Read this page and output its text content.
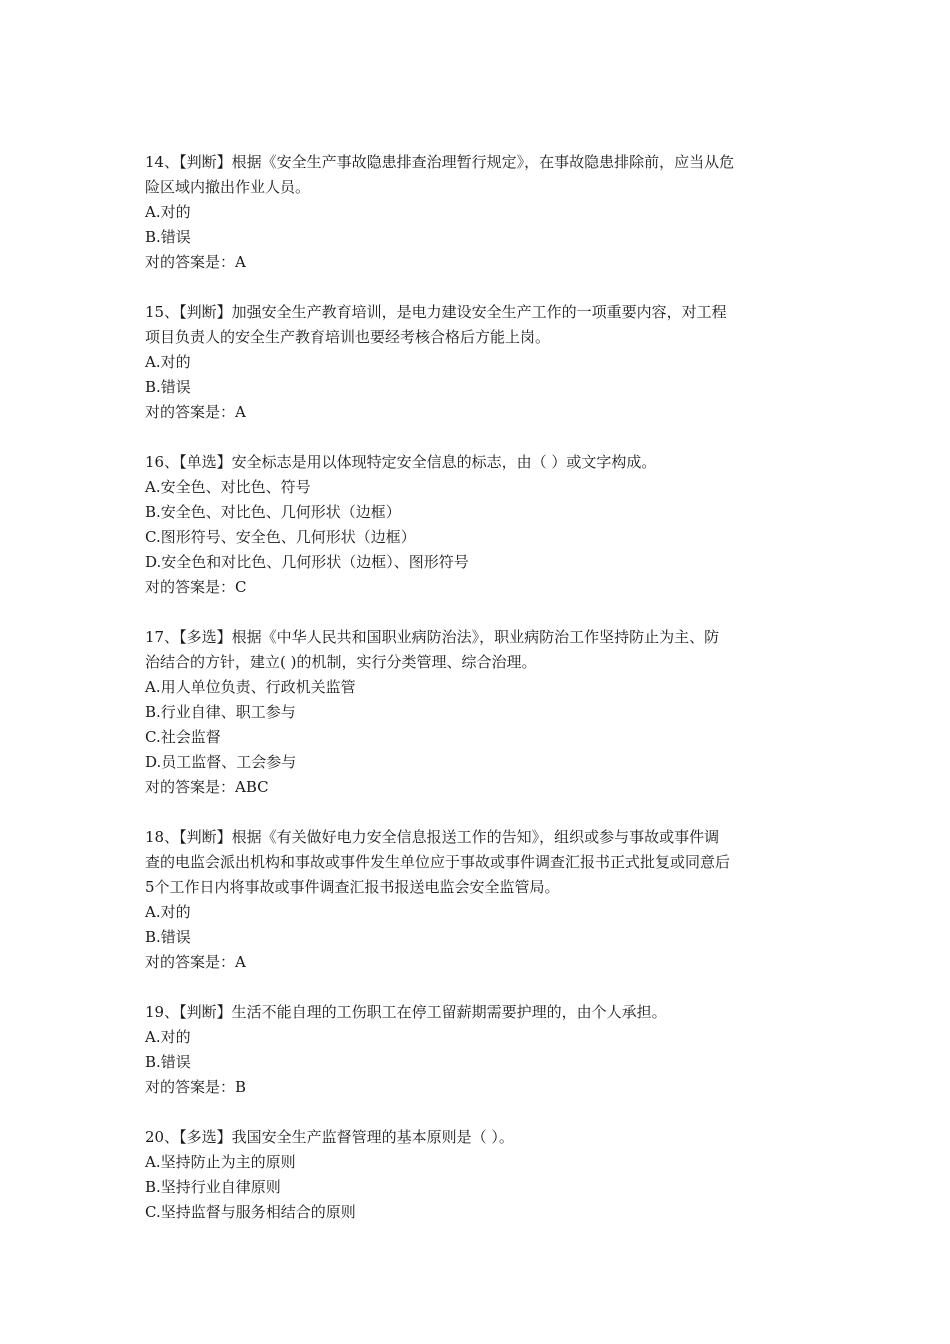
14、【判断】根据《安全生产事故隐患排查治理暂行规定》，在事故隐患排除前，应当从危
险区域内撤出作业人员。
A.对的
B.错误
对的答案是：A
15、【判断】加强安全生产教育培训，是电力建设安全生产工作的一项重要内容，对工程
项目负责人的安全生产教育培训也要经考核合格后方能上岗。
A.对的
B.错误
对的答案是：A
16、【单选】安全标志是用以体现特定安全信息的标志，由（ ）或文字构成。
A.安全色、对比色、符号
B.安全色、对比色、几何形状（边框）
C.图形符号、安全色、几何形状（边框）
D.安全色和对比色、几何形状（边框）、图形符号
对的答案是：C
17、【多选】根据《中华人民共和国职业病防治法》，职业病防治工作坚持防止为主、防
治结合的方针，建立( )的机制，实行分类管理、综合治理。
A.用人单位负责、行政机关监管
B.行业自律、职工参与
C.社会监督
D.员工监督、工会参与
对的答案是：ABC
18、【判断】根据《有关做好电力安全信息报送工作的告知》，组织或参与事故或事件调
查的电监会派出机构和事故或事件发生单位应于事故或事件调查汇报书正式批复或同意后
5个工作日内将事故或事件调查汇报书报送电监会安全监管局。
A.对的
B.错误
对的答案是：A
19、【判断】生活不能自理的工伤职工在停工留薪期需要护理的，由个人承担。
A.对的
B.错误
对的答案是：B
20、【多选】我国安全生产监督管理的基本原则是（ ）。
A.坚持防止为主的原则
B.坚持行业自律原则
C.坚持监督与服务相结合的原则
